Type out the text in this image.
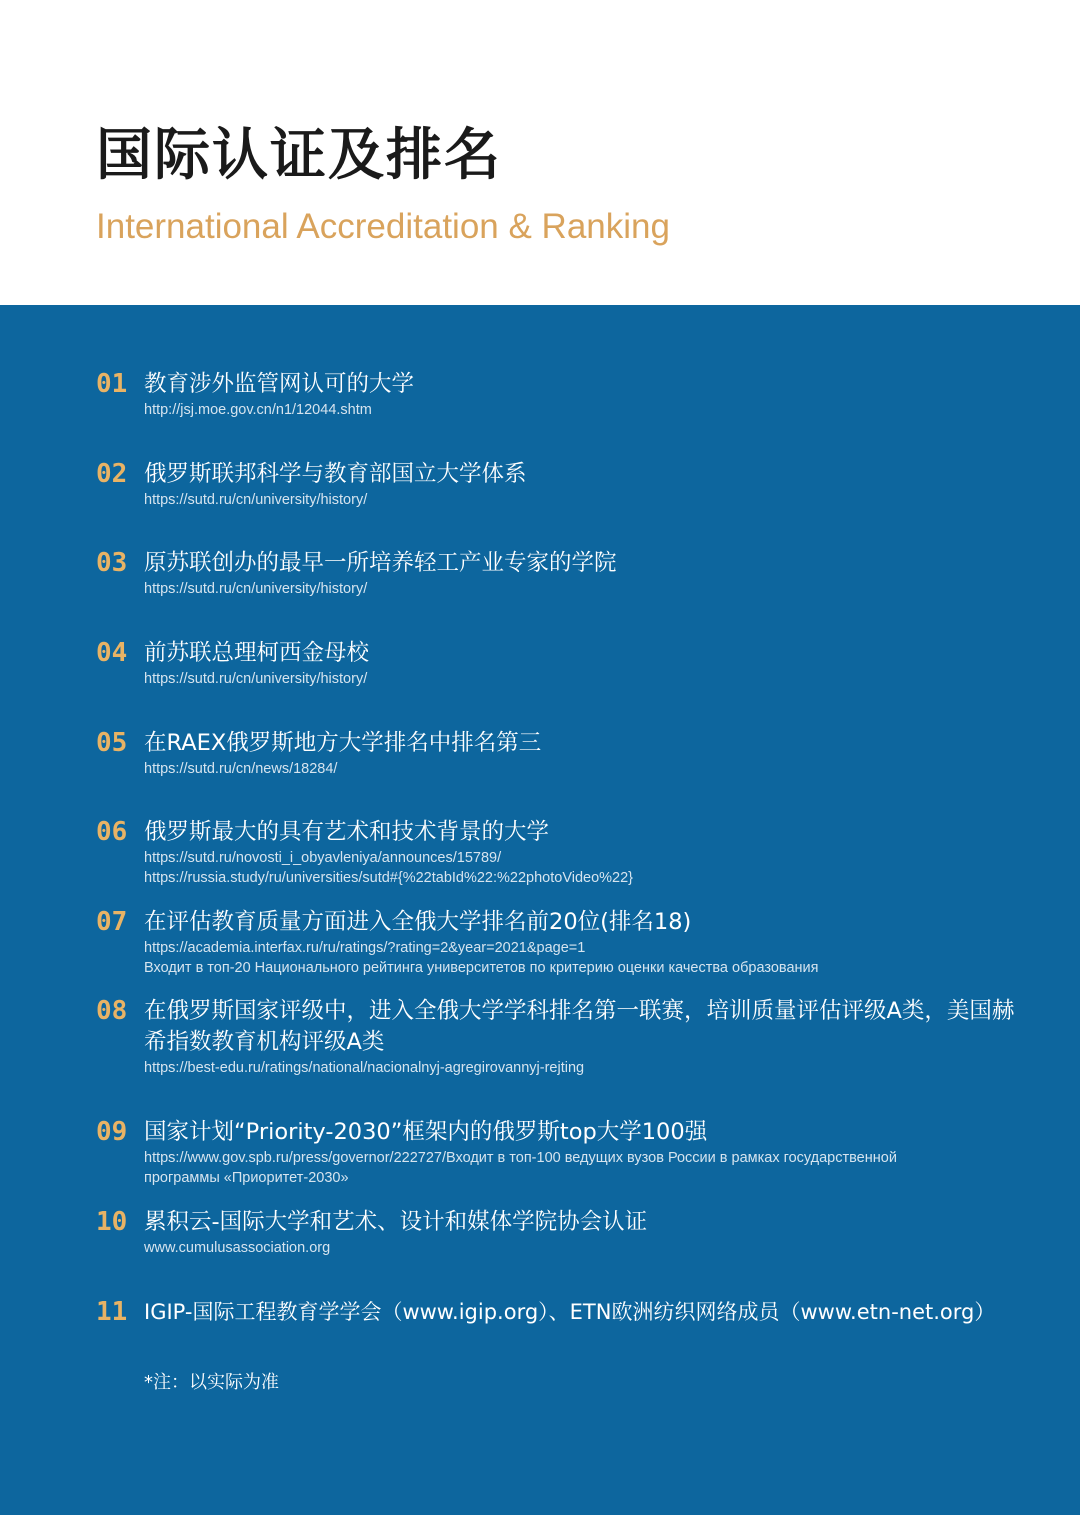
国际认证及排名
International Accreditation & Ranking
01 教育涉外监管网认可的大学
http://jsj.moe.gov.cn/n1/12044.shtm
02 俄罗斯联邦科学与教育部国立大学体系
https://sutd.ru/cn/university/history/
03 原苏联创办的最早一所培养轻工产业专家的学院
https://sutd.ru/cn/university/history/
04 前苏联总理柯西金母校
https://sutd.ru/cn/university/history/
05 在RAEX俄罗斯地方大学排名中排名第三
https://sutd.ru/cn/news/18284/
06 俄罗斯最大的具有艺术和技术背景的大学
https://sutd.ru/novosti_i_obyavleniya/announces/15789/
https://russia.study/ru/universities/sutd#{%22tabId%22:%22photoVideo%22}
07 在评估教育质量方面进入全俄大学排名前20位(排名18)
https://academia.interfax.ru/ru/ratings/?rating=2&year=2021&page=1
Входит в топ-20 Национального рейтинга университетов по критерию оценки качества образования
08 在俄罗斯国家评级中，进入全俄大学学科排名第一联赛，培训质量评估评级A类，美国赫希指数教育机构评级A类
https://best-edu.ru/ratings/national/nacionalnyj-agregirovannyj-rejting
09 国家计划“Priority-2030”框架内的俄罗斯top大学100强
https://www.gov.spb.ru/press/governor/222727/Входит в топ-100 ведущих вузов России в рамках государственной программы «Приоритет-2030»
10 累积云-国际大学和艺术、设计和媒体学院协会认证
www.cumulusassociation.org
11 IGIP-国际工程教育学学会（www.igip.org）、ETN欧洲纺织网络成员（www.etn-net.org）
*注：以实际为准
